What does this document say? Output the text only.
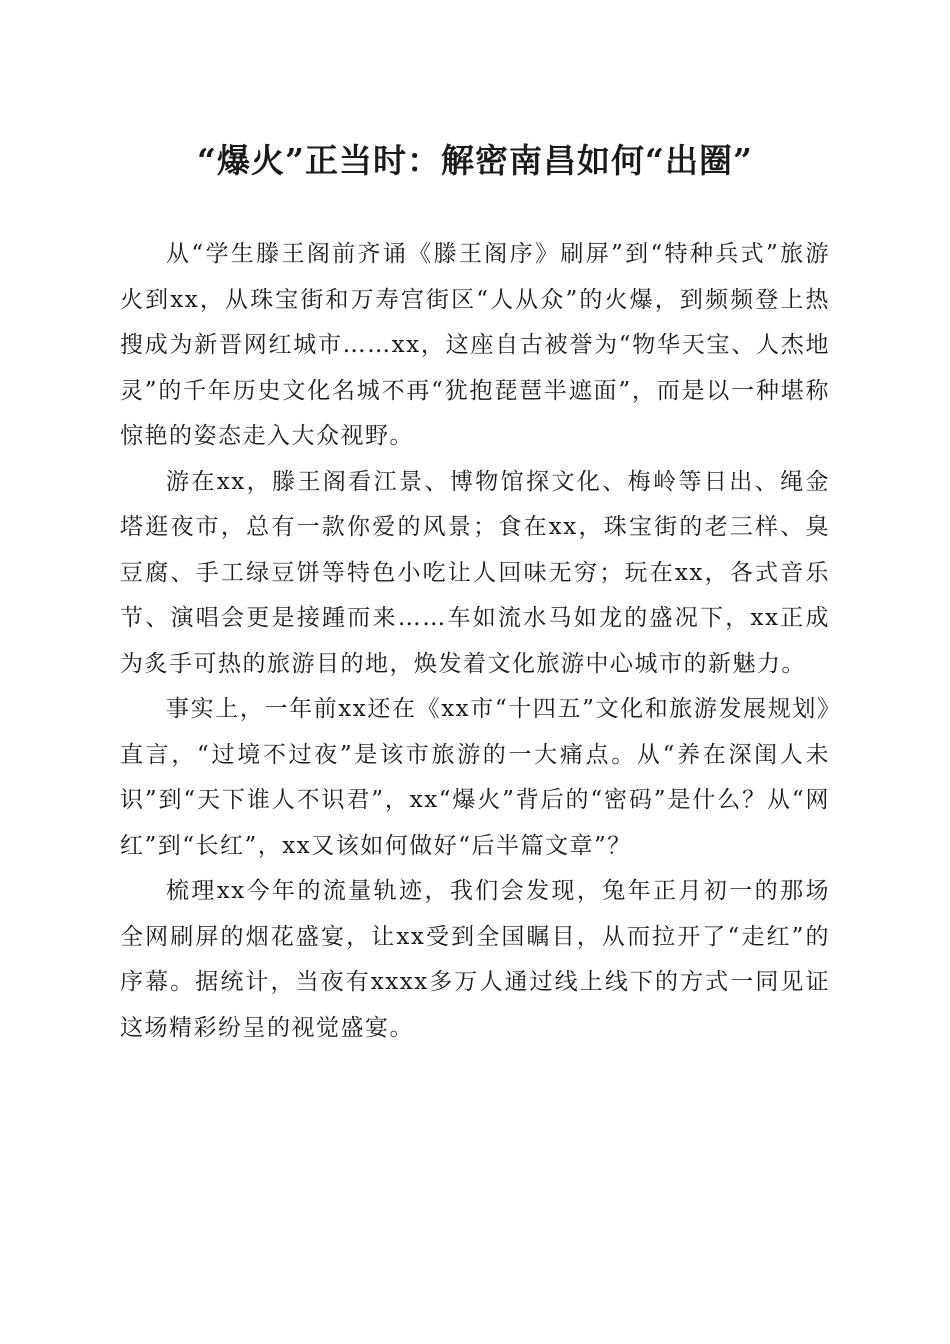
“爆火”正当时：解密南昌如何“出圈”

从“学生滕王阁前齐诵《滕王阁序》刷屏”到“特种兵式”旅游火到xx，从珠宝街和万寿宫街区“人从众”的火爆，到频频登上热搜成为新晋网红城市……xx，这座自古被誉为“物华天宝、人杰地灵”的千年历史文化名城不再“犹抱琵琶半遮面”，而是以一种堪称惊艳的姿态走入大众视野。

游在xx，滕王阁看江景、博物馆探文化、梅岭等日出、绳金塔逛夜市，总有一款你爱的风景；食在xx，珠宝街的老三样、臭豆腐、手工绿豆饼等特色小吃让人回味无穷；玩在xx，各式音乐节、演唱会更是接踵而来……车如流水马如龙的盛况下，xx正成为炙手可热的旅游目的地，焕发着文化旅游中心城市的新魅力。

事实上，一年前xx还在《xx市“十四五”文化和旅游发展规划》直言，“过境不过夜”是该市旅游的一大痛点。从“养在深闺人未识”到“天下谁人不识君”，xx“爆火”背后的“密码”是什么？从“网红”到“长红”，xx又该如何做好“后半篇文章”？

梳理xx今年的流量轨迹，我们会发现，兔年正月初一的那场全网刷屏的烟花盛宴，让xx受到全国瞩目，从而拉开了“走红”的序幕。据统计，当夜有xxxx多万人通过线上线下的方式一同见证这场精彩纷呈的视觉盛宴。
